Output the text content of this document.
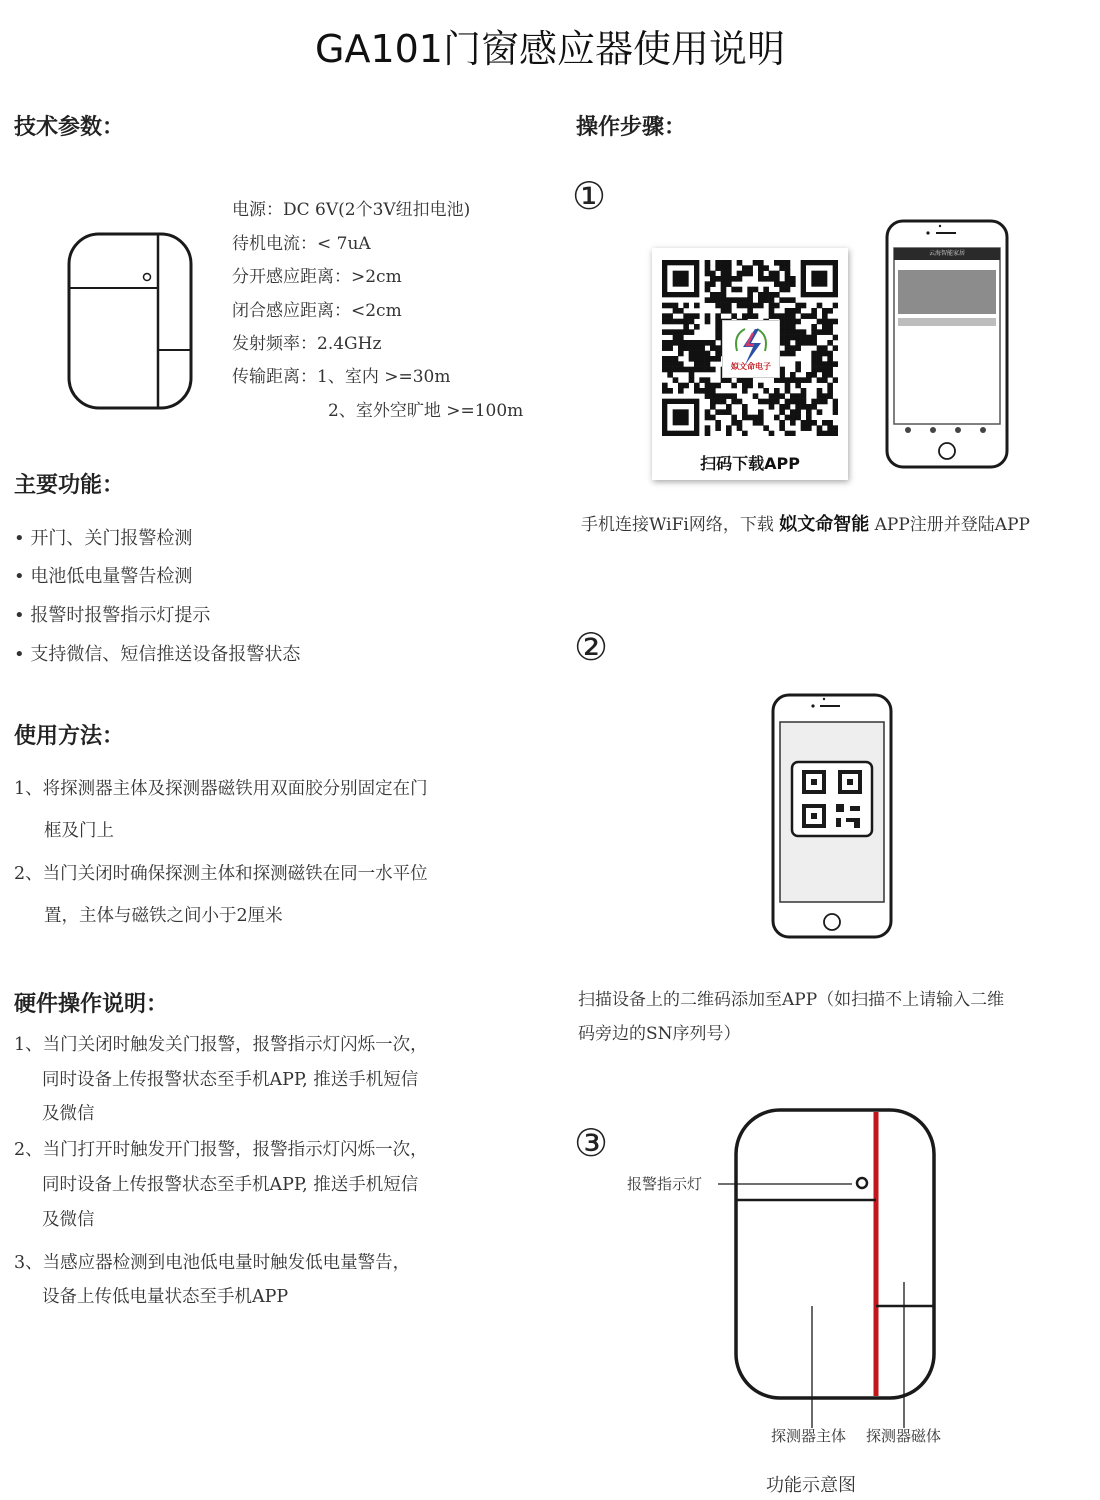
GA101门窗感应器使用说明
技术参数：
电源：DC 6V(2个3V纽扣电池)
待机电流：< 7uA
分开感应距离：>2cm
闭合感应距离：<2cm
发射频率：2.4GHz
传输距离：1、室内 >=30m
2、室外空旷地 >=100m
主要功能：
• 开门、关门报警检测
• 电池低电量警告检测
• 报警时报警指示灯提示
• 支持微信、短信推送设备报警状态
使用方法：
1、将探测器主体及探测器磁铁用双面胶分别固定在门
框及门上
2、当门关闭时确保探测主体和探测磁铁在同一水平位
置，主体与磁铁之间小于2厘米
硬件操作说明：
1、当门关闭时触发关门报警，报警指示灯闪烁一次，
同时设备上传报警状态至手机APP, 推送手机短信
及微信
2、当门打开时触发开门报警，报警指示灯闪烁一次，
同时设备上传报警状态至手机APP, 推送手机短信
及微信
3、当感应器检测到电池低电量时触发低电量警告，
设备上传低电量状态至手机APP
操作步骤：
①
姒文命电子
扫码下载APP
云海智能家居
手机连接WiFi网络，下载 姒文命智能 APP注册并登陆APP
②
扫描设备上的二维码添加至APP（如扫描不上请输入二维
码旁边的SN序列号）
③
报警指示灯
探测器主体 探测器磁体
功能示意图
